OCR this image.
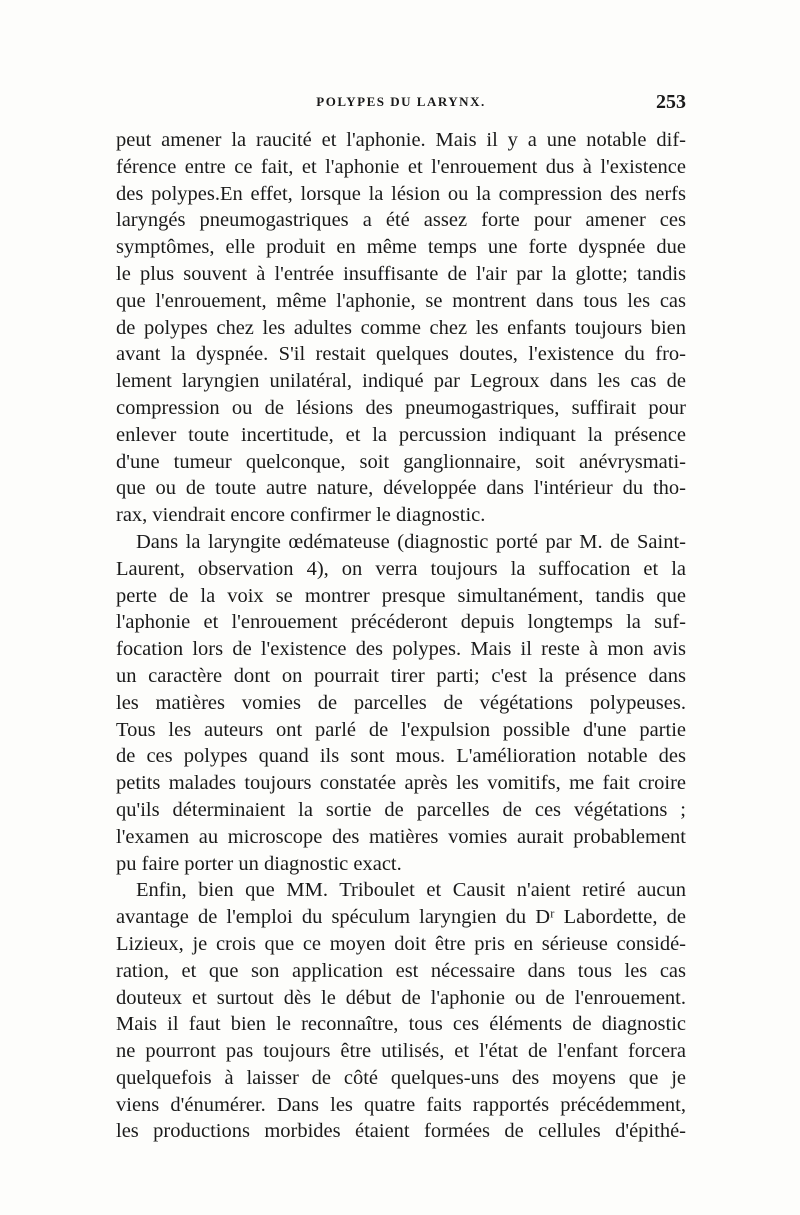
POLYPES DU LARYNX.	253
peut amener la raucité et l'aphonie. Mais il y a une notable dif-
férence entre ce fait, et l'aphonie et l'enrouement dus à l'existence
des polypes.En effet, lorsque la lésion ou la compression des nerfs
laryngés pneumogastriques a été assez forte pour amener ces
symptômes, elle produit en même temps une forte dyspnée due
le plus souvent à l'entrée insuffisante de l'air par la glotte; tandis
que l'enrouement, même l'aphonie, se montrent dans tous les cas
de polypes chez les adultes comme chez les enfants toujours bien
avant la dyspnée. S'il restait quelques doutes, l'existence du fro-
lement laryngien unilatéral, indiqué par Legroux dans les cas de
compression ou de lésions des pneumogastriques, suffirait pour
enlever toute incertitude, et la percussion indiquant la présence
d'une tumeur quelconque, soit ganglionnaire, soit anévrysmati-
que ou de toute autre nature, développée dans l'intérieur du tho-
rax, viendrait encore confirmer le diagnostic.
Dans la laryngite œdémateuse (diagnostic porté par M. de Saint-
Laurent, observation 4), on verra toujours la suffocation et la
perte de la voix se montrer presque simultanément, tandis que
l'aphonie et l'enrouement précéderont depuis longtemps la suf-
focation lors de l'existence des polypes. Mais il reste à mon avis
un caractère dont on pourrait tirer parti; c'est la présence dans
les matières vomies de parcelles de végétations polypeuses.
Tous les auteurs ont parlé de l'expulsion possible d'une partie
de ces polypes quand ils sont mous. L'amélioration notable des
petits malades toujours constatée après les vomitifs, me fait croire
qu'ils déterminaient la sortie de parcelles de ces végétations ;
l'examen au microscope des matières vomies aurait probablement
pu faire porter un diagnostic exact.
Enfin, bien que MM. Triboulet et Causit n'aient retiré aucun
avantage de l'emploi du spéculum laryngien du Dʳ Labordette, de
Lizieux, je crois que ce moyen doit être pris en sérieuse considé-
ration, et que son application est nécessaire dans tous les cas
douteux et surtout dès le début de l'aphonie ou de l'enrouement.
Mais il faut bien le reconnaître, tous ces éléments de diagnostic
ne pourront pas toujours être utilisés, et l'état de l'enfant forcera
quelquefois à laisser de côté quelques-uns des moyens que je
viens d'énumérer. Dans les quatre faits rapportés précédemment,
les productions morbides étaient formées de cellules d'épithé-
